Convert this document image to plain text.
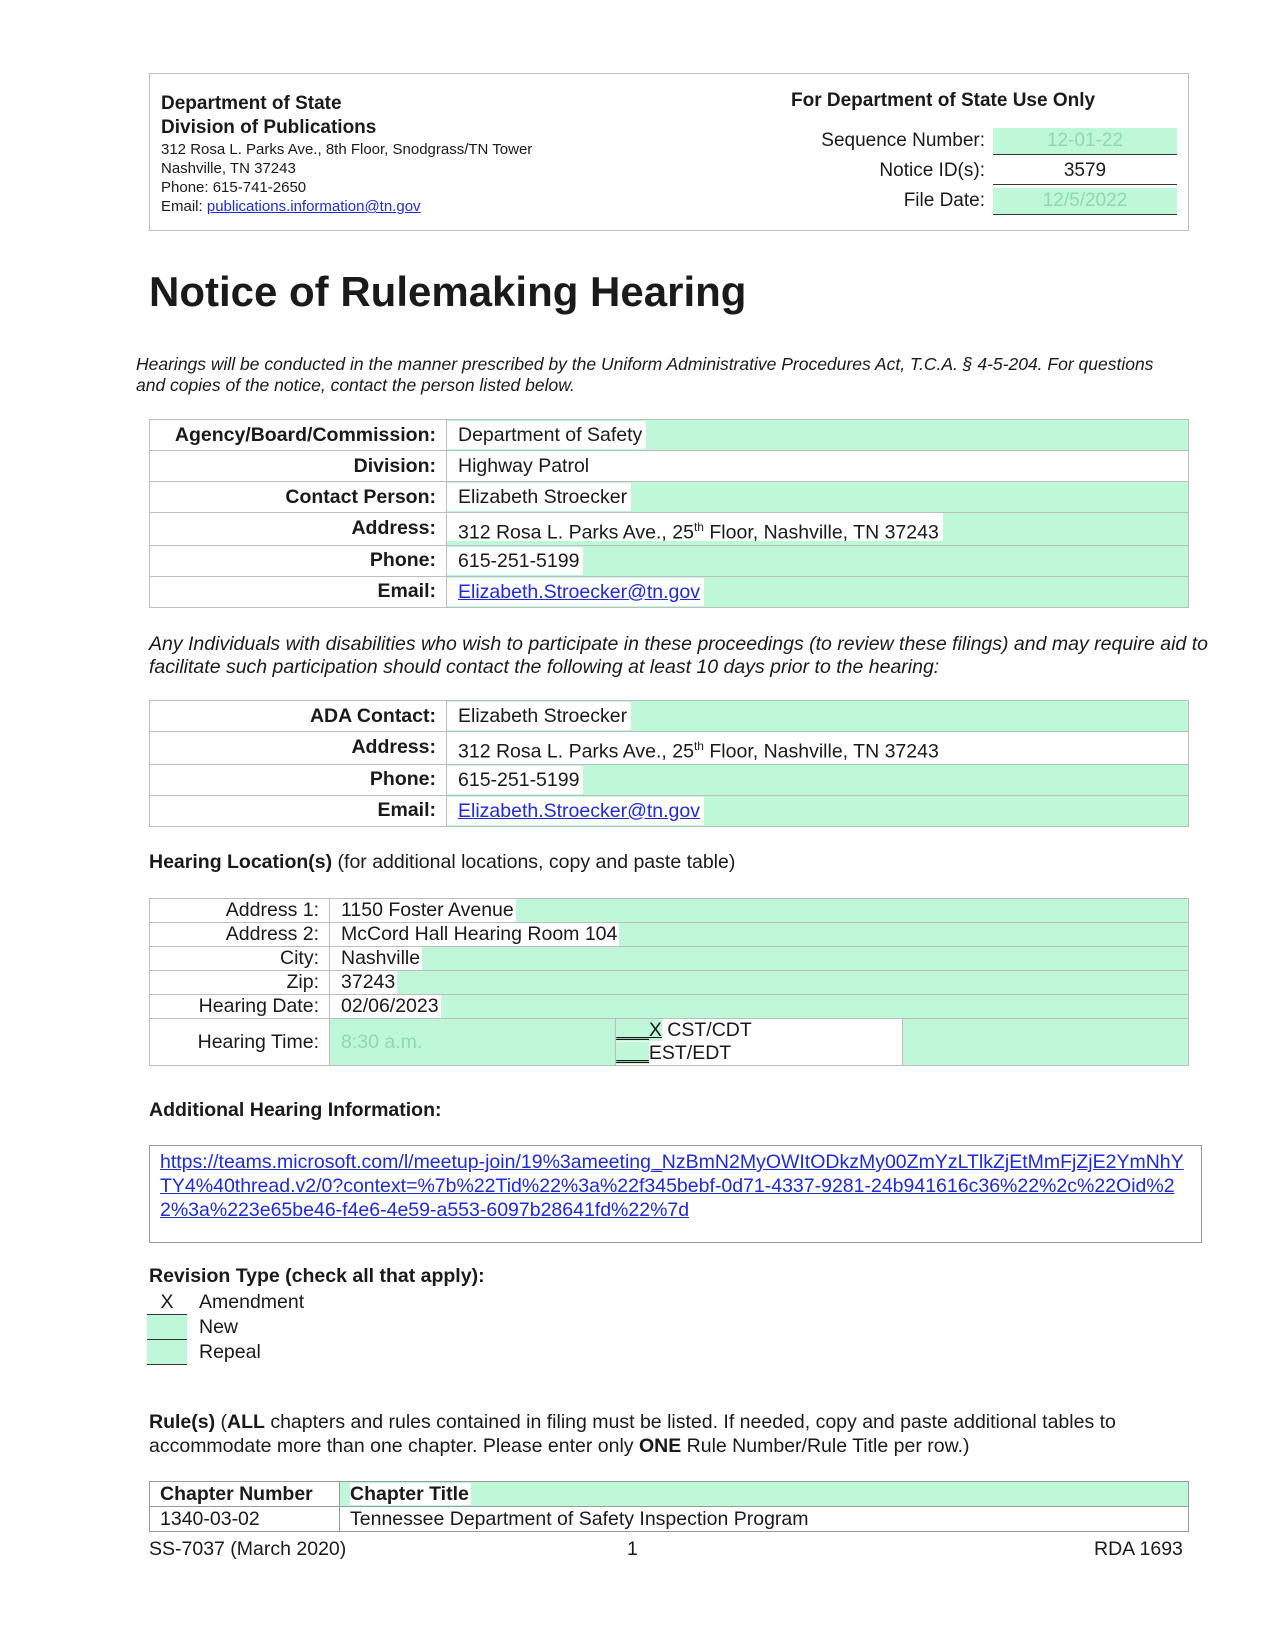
Department of State
Division of Publications
312 Rosa L. Parks Ave., 8th Floor, Snodgrass/TN Tower
Nashville, TN 37243
Phone: 615-741-2650
Email: publications.information@tn.gov
For Department of State Use Only
Sequence Number:	12-01-22
Notice ID(s):	3579
File Date:	12/5/2022
Notice of Rulemaking Hearing
Hearings will be conducted in the manner prescribed by the Uniform Administrative Procedures Act, T.C.A. § 4-5-204. For questions and copies of the notice, contact the person listed below.
Agency/Board/Commission:	Department of Safety
Division:	Highway Patrol
Contact Person:	Elizabeth Stroecker
Address:	312 Rosa L. Parks Ave., 25th Floor, Nashville, TN 37243
Phone:	615-251-5199
Email:	Elizabeth.Stroecker@tn.gov
Any Individuals with disabilities who wish to participate in these proceedings (to review these filings) and may require aid to facilitate such participation should contact the following at least 10 days prior to the hearing:
ADA Contact:	Elizabeth Stroecker
Address:	312 Rosa L. Parks Ave., 25th Floor, Nashville, TN 37243
Phone:	615-251-5199
Email:	Elizabeth.Stroecker@tn.gov
Hearing Location(s) (for additional locations, copy and paste table)
Address 1:	1150 Foster Avenue		
Address 2:	McCord Hall Hearing Room 104		
City:	Nashville		
Zip:	37243		
Hearing Date:	02/06/2023		
Hearing Time:	8:30 a.m.	___X CST/CDT
___EST/EDT	

Additional Hearing Information:
https://teams.microsoft.com/l/meetup-join/19%3ameeting_NzBmN2MyOWItODkzMy00ZmYzLTlkZjEtMmFjZjE2YmNhYTY4%40thread.v2/0?context=%7b%22Tid%22%3a%22f345bebf-0d71-4337-9281-24b941616c36%22%2c%22Oid%22%3a%223e65be46-f4e6-4e59-a553-6097b28641fd%22%7d
Revision Type (check all that apply):
X	Amendment
New
Repeal
Rule(s) (ALL chapters and rules contained in filing must be listed. If needed, copy and paste additional tables to accommodate more than one chapter. Please enter only ONE Rule Number/Rule Title per row.)
Chapter Number	Chapter Title
1340-03-02	Tennessee Department of Safety Inspection Program
SS-7037 (March 2020)	1	RDA 1693
